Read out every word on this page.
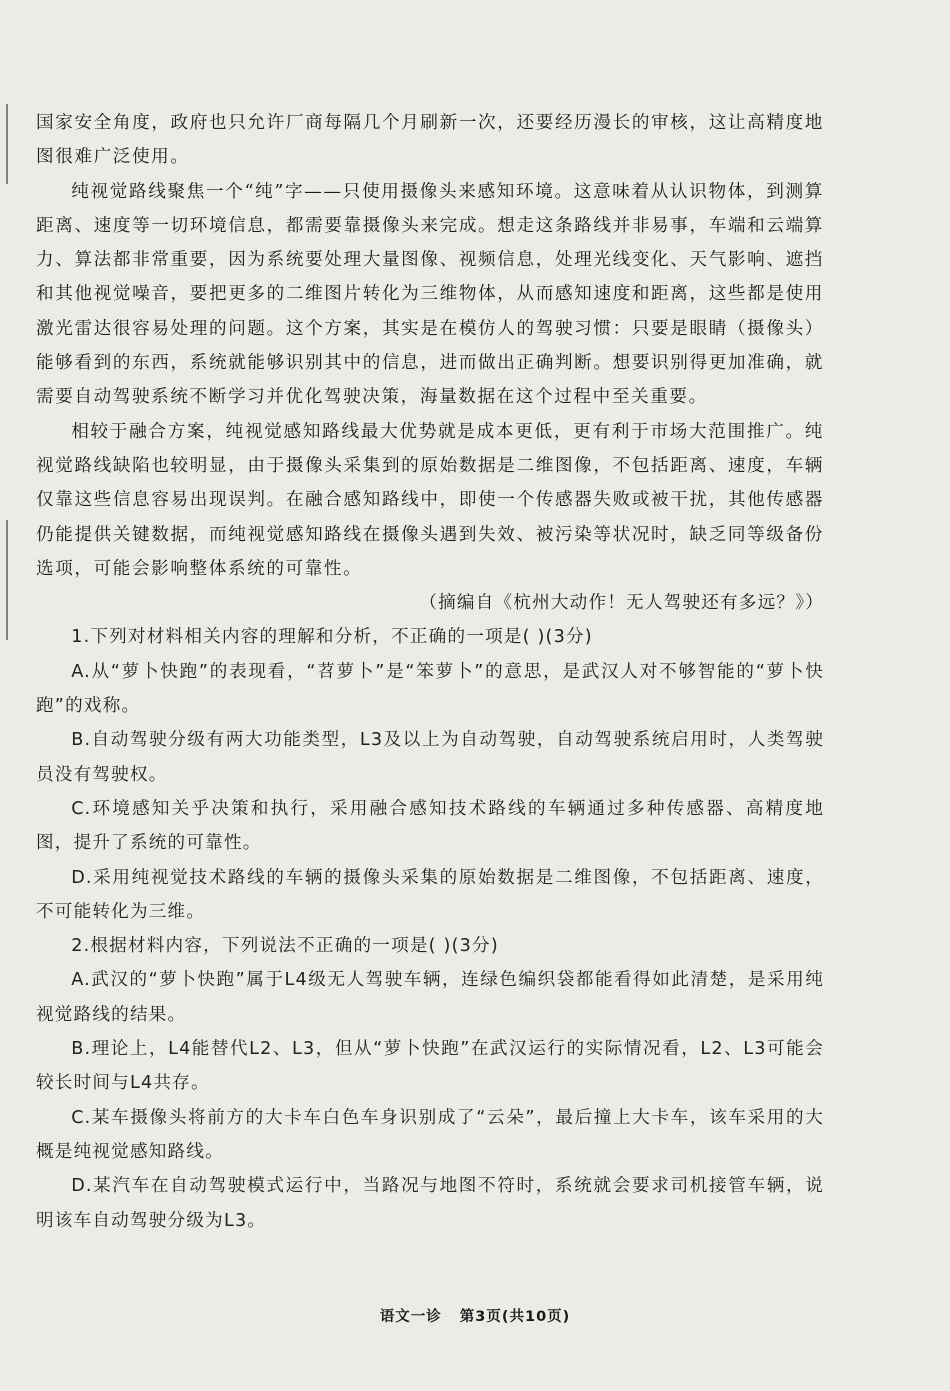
国家安全角度，政府也只允许厂商每隔几个月刷新一次，还要经历漫长的审核，这让高精度地图很难广泛使用。

纯视觉路线聚焦一个“纯”字——只使用摄像头来感知环境。这意味着从认识物体，到测算距离、速度等一切环境信息，都需要靠摄像头来完成。想走这条路线并非易事，车端和云端算力、算法都非常重要，因为系统要处理大量图像、视频信息，处理光线变化、天气影响、遮挡和其他视觉噪音，要把更多的二维图片转化为三维物体，从而感知速度和距离，这些都是使用激光雷达很容易处理的问题。这个方案，其实是在模仿人的驾驶习惯：只要是眼睛（摄像头）能够看到的东西，系统就能够识别其中的信息，进而做出正确判断。想要识别得更加准确，就需要自动驾驶系统不断学习并优化驾驶决策，海量数据在这个过程中至关重要。

相较于融合方案，纯视觉感知路线最大优势就是成本更低，更有利于市场大范围推广。纯视觉路线缺陷也较明显，由于摄像头采集到的原始数据是二维图像，不包括距离、速度，车辆仅靠这些信息容易出现误判。在融合感知路线中，即使一个传感器失败或被干扰，其他传感器仍能提供关键数据，而纯视觉感知路线在摄像头遇到失效、被污染等状况时，缺乏同等级备份选项，可能会影响整体系统的可靠性。

（摘编自《杭州大动作！无人驾驶还有多远？》）

1.下列对材料相关内容的理解和分析，不正确的一项是( )(3分)

A.从“萝卜快跑”的表现看，“苕萝卜”是“笨萝卜”的意思，是武汉人对不够智能的“萝卜快跑”的戏称。

B.自动驾驶分级有两大功能类型，L3及以上为自动驾驶，自动驾驶系统启用时，人类驾驶员没有驾驶权。

C.环境感知关乎决策和执行，采用融合感知技术路线的车辆通过多种传感器、高精度地图，提升了系统的可靠性。

D.采用纯视觉技术路线的车辆的摄像头采集的原始数据是二维图像，不包括距离、速度，不可能转化为三维。

2.根据材料内容，下列说法不正确的一项是( )(3分)

A.武汉的“萝卜快跑”属于L4级无人驾驶车辆，连绿色编织袋都能看得如此清楚，是采用纯视觉路线的结果。

B.理论上，L4能替代L2、L3，但从“萝卜快跑”在武汉运行的实际情况看，L2、L3可能会较长时间与L4共存。

C.某车摄像头将前方的大卡车白色车身识别成了“云朵”，最后撞上大卡车，该车采用的大概是纯视觉感知路线。

D.某汽车在自动驾驶模式运行中，当路况与地图不符时，系统就会要求司机接管车辆，说明该车自动驾驶分级为L3。

语文一诊 第3页(共10页)
